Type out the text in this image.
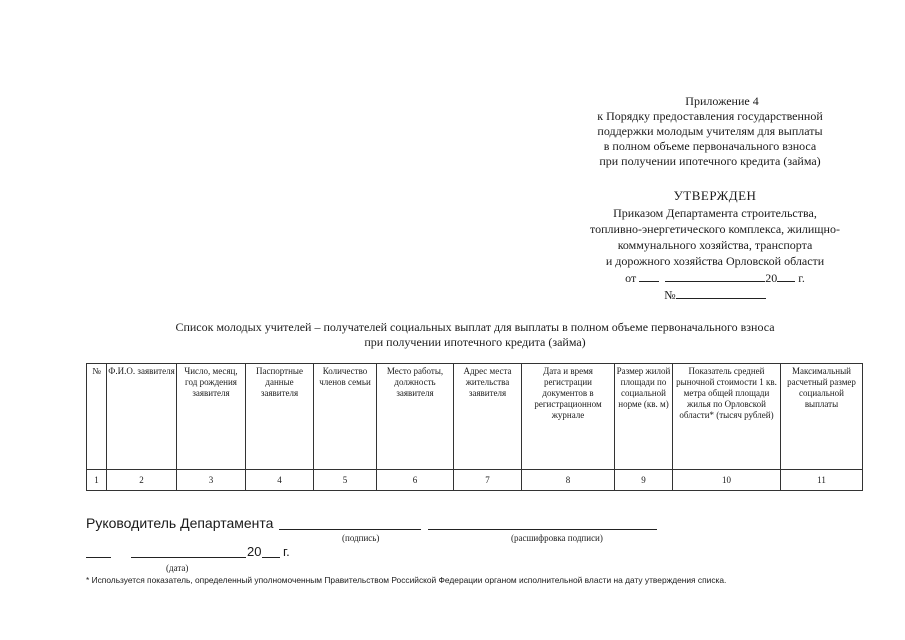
Приложение 4
к Порядку предоставления государственной
поддержки молодым учителям для выплаты
в полном объеме первоначального взноса
при получении ипотечного кредита (займа)
УТВЕРЖДЕН
Приказом Департамента строительства,
топливно-энергетического комплекса, жилищно-
коммунального хозяйства, транспорта
и дорожного хозяйства Орловской области
от	20 г.
№
Список молодых учителей – получателей социальных выплат для выплаты в полном объеме первоначального взноса
при получении ипотечного кредита (займа)
№	Ф.И.О. заявителя	Число, месяц, год рождения заявителя	Паспортные данные заявителя	Количество членов семьи	Место работы, должность заявителя	Адрес места жительства заявителя	Дата и время регистрации документов в регистрационном журнале	Размер жилой площади по социальной норме (кв. м)	Показатель средней рыночной стоимости 1 кв. метра общей площади жилья по Орловской области* (тысяч рублей)	Максимальный расчетный размер социальной выплаты
1	2	3	4	5	6	7	8	9	10	11
Руководитель Департамента
(подпись)	(расшифровка подписи)
20 г.
(дата)
* Используется показатель, определенный уполномоченным Правительством Российской Федерации органом исполнительной власти на дату утверждения списка.
